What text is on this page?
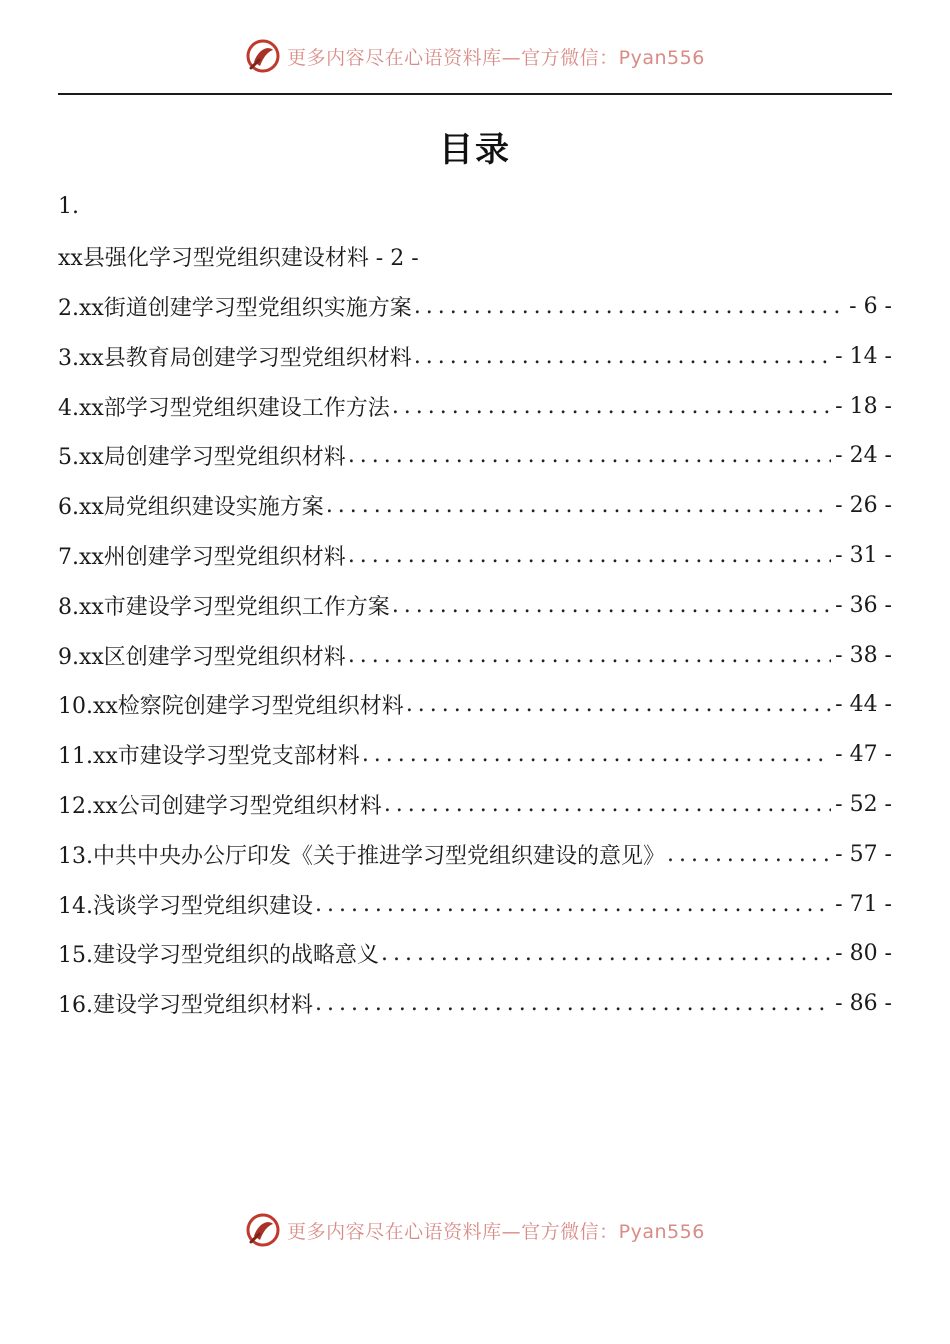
更多内容尽在心语资料库—官方微信：Pyan556
目录
1.
xx县强化学习型党组织建设材料 - 2 -
2.xx街道创建学习型党组织实施方案 . . .	- 6 -
3.xx县教育局创建学习型党组织材料 . . .	- 14 -
4.xx部学习型党组织建设工作方法 . . .	- 18 -
5.xx局创建学习型党组织材料 . . .	- 24 -
6.xx局党组织建设实施方案 . . .	- 26 -
7.xx州创建学习型党组织材料 . . .	- 31 -
8.xx市建设学习型党组织工作方案 . . .	- 36 -
9.xx区创建学习型党组织材料 . . .	- 38 -
10.xx检察院创建学习型党组织材料 . . .	- 44 -
11.xx市建设学习型党支部材料 . . .	- 47 -
12.xx公司创建学习型党组织材料 . . .	- 52 -
13.中共中央办公厅印发《关于推进学习型党组织建设的意见》 . . .	- 57 -
14.浅谈学习型党组织建设 . . .	- 71 -
15.建设学习型党组织的战略意义 . . .	- 80 -
16.建设学习型党组织材料 . . .	- 86 -
更多内容尽在心语资料库—官方微信：Pyan556
